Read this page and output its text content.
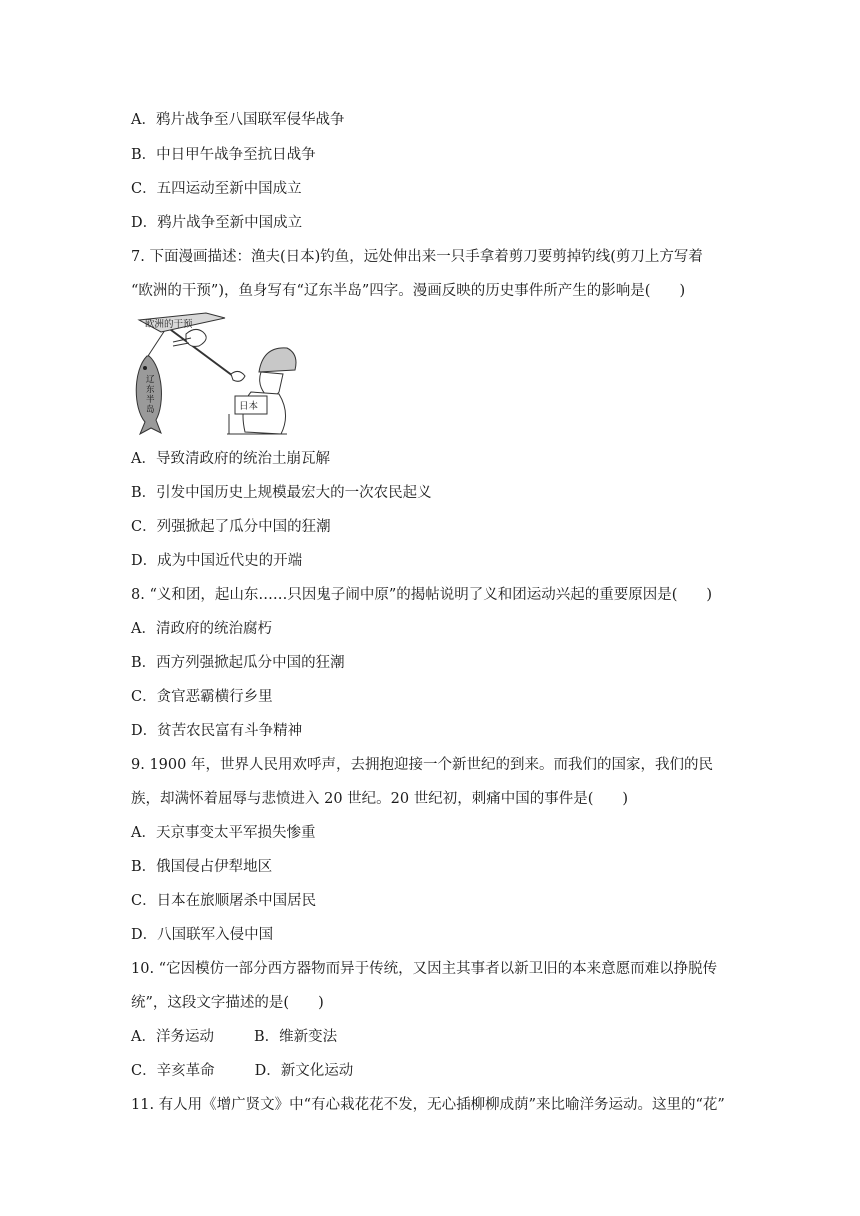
A．鸦片战争至八国联军侵华战争
B．中日甲午战争至抗日战争
C．五四运动至新中国成立
D．鸦片战争至新中国成立
7. 下面漫画描述：渔夫(日本)钓鱼，远处伸出来一只手拿着剪刀要剪掉钓线(剪刀上方写着
“欧洲的干预”)，鱼身写有“辽东半岛”四字。漫画反映的历史事件所产生的影响是(　　)
欧洲的干预
辽 东 半 岛	日本
A．导致清政府的统治土崩瓦解
B．引发中国历史上规模最宏大的一次农民起义
C．列强掀起了瓜分中国的狂潮
D．成为中国近代史的开端
8. “义和团，起山东……只因鬼子闹中原”的揭帖说明了义和团运动兴起的重要原因是(　　)
A．清政府的统治腐朽
B．西方列强掀起瓜分中国的狂潮
C．贪官恶霸横行乡里
D．贫苦农民富有斗争精神
9. 1900 年，世界人民用欢呼声，去拥抱迎接一个新世纪的到来。而我们的国家，我们的民
族，却满怀着屈辱与悲愤进入 20 世纪。20 世纪初，刺痛中国的事件是(　　)
A．天京事变太平军损失惨重
B．俄国侵占伊犁地区
C．日本在旅顺屠杀中国居民
D．八国联军入侵中国
10. “它因模仿一部分西方器物而异于传统，又因主其事者以新卫旧的本来意愿而难以挣脱传
统”，这段文字描述的是(　　)
A．洋务运动	B．维新变法
C．辛亥革命	D．新文化运动
11. 有人用《增广贤文》中“有心栽花花不发，无心插柳柳成荫”来比喻洋务运动。这里的“花”
